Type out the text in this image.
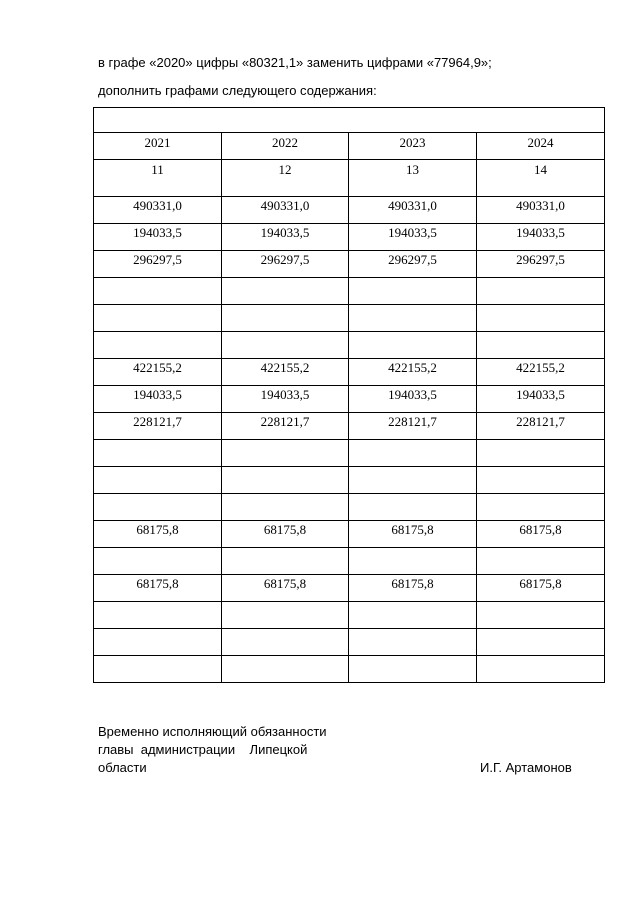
в графе «2020» цифры «80321,1» заменить цифрами «77964,9»;
дополнить графами следующего содержания:

2021	2022	2023	2024
11	12	13	14
490331,0	490331,0	490331,0	490331,0
194033,5	194033,5	194033,5	194033,5
296297,5	296297,5	296297,5	296297,5

422155,2	422155,2	422155,2	422155,2
194033,5	194033,5	194033,5	194033,5
228121,7	228121,7	228121,7	228121,7

68175,8	68175,8	68175,8	68175,8

68175,8	68175,8	68175,8	68175,8

Временно исполняющий обязанности
главы  администрации    Липецкой
области	И.Г. Артамонов
